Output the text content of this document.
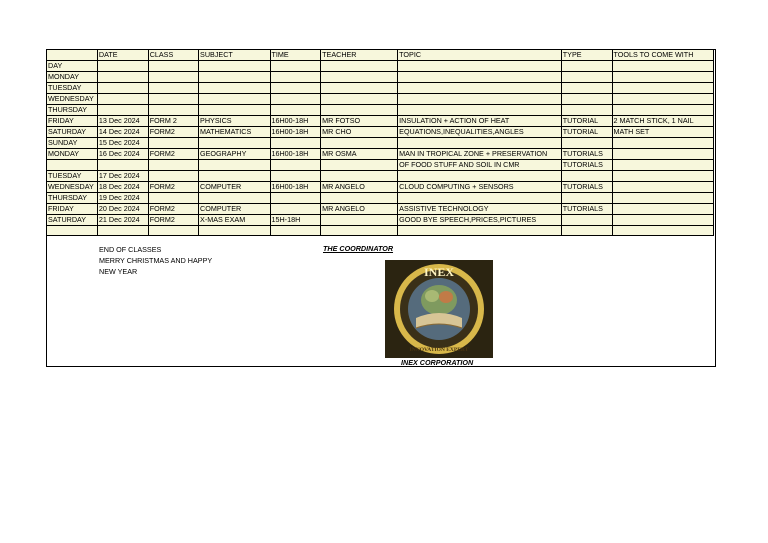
	DATE	CLASS	SUBJECT	TIME	TEACHER	TOPIC	TYPE	TOOLS TO COME WITH
DAY								
MONDAY								
TUESDAY								
WEDNESDAY								
THURSDAY								
FRIDAY	13 Dec 2024	FORM 2	PHYSICS	16H00-18H	MR FOTSO	INSULATION + ACTION OF HEAT	TUTORIAL	2 MATCH STICK, 1 NAIL
SATURDAY	14 Dec 2024	FORM2	MATHEMATICS	16H00-18H	MR CHO	EQUATIONS,INEQUALITIES,ANGLES	TUTORIAL	MATH SET
SUNDAY	15 Dec 2024							
MONDAY	16 Dec 2024	FORM2	GEOGRAPHY	16H00-18H	MR OSMA	MAN IN TROPICAL ZONE + PRESERVATION	TUTORIALS	
						OF FOOD STUFF AND SOIL IN CMR	TUTORIALS	
TUESDAY	17 Dec 2024							
WEDNESDAY	18 Dec 2024	FORM2	COMPUTER	16H00-18H	MR ANGELO	CLOUD COMPUTING + SENSORS	TUTORIALS	
THURSDAY	19 Dec 2024							
FRIDAY	20 Dec 2024	FORM2	COMPUTER		MR ANGELO	ASSISTIVE TECHNOLOGY	TUTORIALS	
SATURDAY	21 Dec 2024	FORM2	X-MAS EXAM	15H-18H		GOOD BYE SPEECH,PRICES,PICTURES		

END OF CLASSES
MERRY CHRISTMAS AND HAPPY
NEW YEAR
THE COORDINATOR
INEX
INNOVATION EXPERT
INEX CORPORATION
